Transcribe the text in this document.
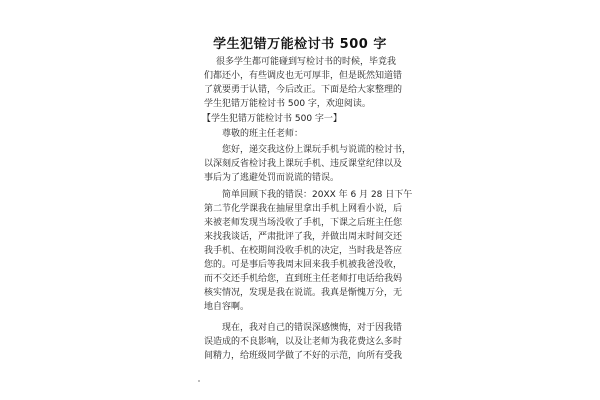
学生犯错万能检讨书 500 字
很多学生都可能碰到写检讨书的时候，毕竟我
们都还小，有些调皮也无可厚非，但是既然知道错
了就要勇于认错，今后改正。下面是给大家整理的
学生犯错万能检讨书 500 字，欢迎阅读。
【学生犯错万能检讨书 500 字一】
尊敬的班主任老师：
您好，递交我这份上课玩手机与说谎的检讨书，
以深刻反省检讨我上课玩手机、违反课堂纪律以及
事后为了逃避处罚而说谎的错误。
简单回顾下我的错误：20XX 年 6 月 28 日下午
第二节化学课我在抽屉里拿出手机上网看小说，后
来被老师发现当场没收了手机，下课之后班主任您
来找我谈话，严肃批评了我，并做出周末时间交还
我手机、在校期间没收手机的决定，当时我是答应
您的。可是事后等我周末回来我手机被我爸没收，
而不交还手机给您，直到班主任老师打电话给我妈
核实情况，发现是我在说谎。我真是惭愧万分，无
地自容啊。
现在，我对自己的错误深感懊悔，对于因我错
误造成的不良影响，以及让老师为我花费这么多时
间精力，给班级同学做了不好的示范，向所有受我
